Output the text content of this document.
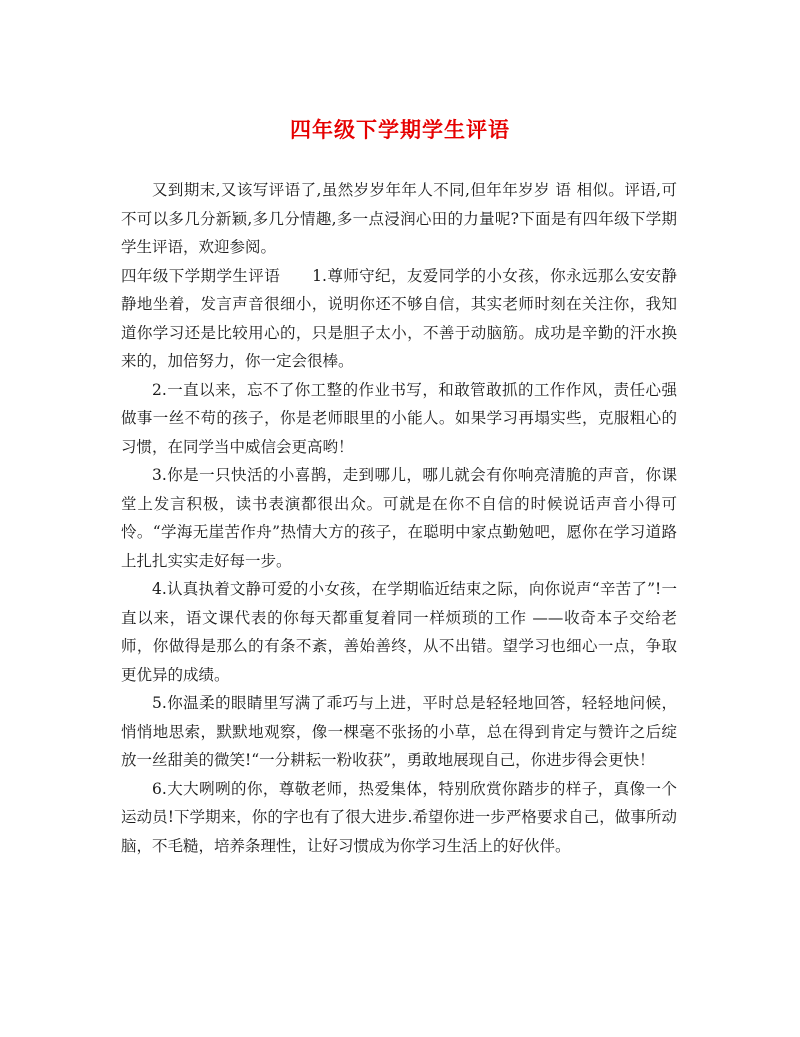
四年级下学期学生评语

又到期末,又该写评语了,虽然岁岁年年人不同,但年年岁岁 语 相似。评语,可不可以多几分新颖,多几分情趣,多一点浸润心田的力量呢?下面是有四年级下学期学生评语，欢迎参阅。

四年级下学期学生评语 1.尊师守纪，友爱同学的小女孩，你永远那么安安静静地坐着，发言声音很细小，说明你还不够自信，其实老师时刻在关注你，我知道你学习还是比较用心的，只是胆子太小，不善于动脑筋。成功是辛勤的汗水换来的，加倍努力，你一定会很棒。

2.一直以来，忘不了你工整的作业书写，和敢管敢抓的工作作风，责任心强做事一丝不苟的孩子，你是老师眼里的小能人。如果学习再塌实些，克服粗心的习惯，在同学当中威信会更高哟！

3.你是一只快活的小喜鹊，走到哪儿，哪儿就会有你响亮清脆的声音，你课堂上发言积极，读书表演都很出众。可就是在你不自信的时候说话声音小得可怜。“学海无崖苦作舟”热情大方的孩子，在聪明中家点勤勉吧，愿你在学习道路上扎扎实实走好每一步。

4.认真执着文静可爱的小女孩，在学期临近结束之际，向你说声“辛苦了”!一直以来，语文课代表的你每天都重复着同一样烦琐的工作 ——收奇本子交给老师，你做得是那么的有条不紊，善始善终，从不出错。望学习也细心一点，争取更优异的成绩。

5.你温柔的眼睛里写满了乖巧与上进，平时总是轻轻地回答，轻轻地问候，悄悄地思索，默默地观察，像一棵毫不张扬的小草，总在得到肯定与赞许之后绽放一丝甜美的微笑!“一分耕耘一粉收获”，勇敢地展现自己，你进步得会更快！

6.大大咧咧的你，尊敬老师，热爱集体，特别欣赏你踏步的样子，真像一个运动员!下学期来，你的字也有了很大进步.希望你进一步严格要求自己，做事所动脑，不毛糙，培养条理性，让好习惯成为你学习生活上的好伙伴。
